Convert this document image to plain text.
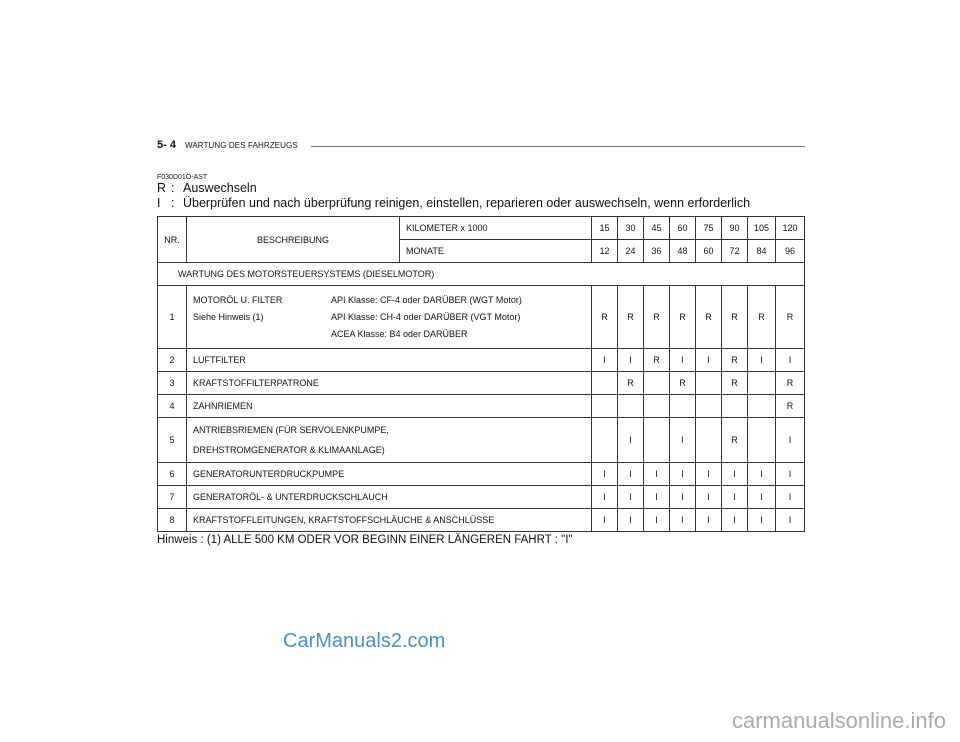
5- 4 WARTUNG DES FAHRZEUGS
F030D01O-AST
R : Auswechseln
I : Überprüfen und nach überprüfung reinigen, einstellen, reparieren oder auswechseln, wenn erforderlich
NR.	BESCHREIBUNG	KILOMETER x 1000	15	30	45	60	75	90	105	120
		MONATE	12	24	36	48	60	72	84	96
WARTUNG DES MOTORSTEUERSYSTEMS (DIESELMOTOR)										
1	MOTORÖL U. FILTER API Klasse: CF-4 oder DARÜBER (WGT Motor)
Siehe Hinweis (1) API Klasse: CH-4 oder DARÜBER (VGT Motor)
ACEA Klasse: B4 oder DARÜBER		R	R	R	R	R	R	R	R
2	LUFTFILTER		I	I	R	I	I	R	I	I
3	KRAFTSTOFFILTERPATRONE			R		R		R		R
4	ZAHNRIEMEN									R
5	ANTRIEBSRIEMEN (FÜR SERVOLENKPUMPE,
DREHSTROMGENERATOR & KLIMAANLAGE)			I		I		R		I
6	GENERATORUNTERDRUCKPUMPE		I	I	I	I	I	I	I	I
7	GENERATORÖL- & UNTERDRUCKSCHLAUCH		I	I	I	I	I	I	I	I
8	KRAFTSTOFFLEITUNGEN, KRAFTSTOFFSCHLÄUCHE & ANSCHLÜSSE		I	I	I	I	I	I	I	I
Hinweis : (1) ALLE 500 KM ODER VOR BEGINN EINER LÄNGEREN FAHRT : "I"
CarManuals2.com
carmanualsonline.info
